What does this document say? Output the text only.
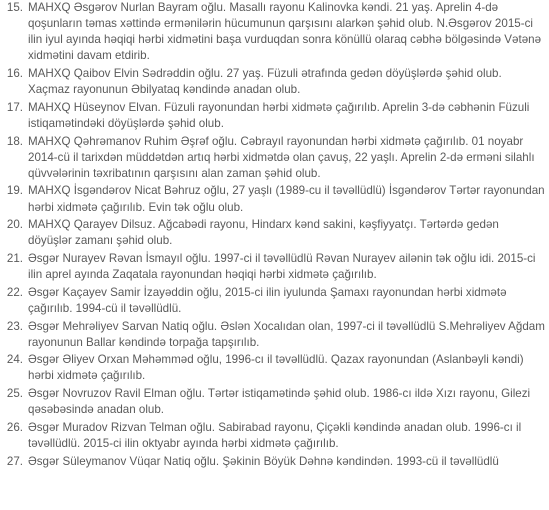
15. MAHXQ Əsgərov Nurlan Bayram oğlu. Masallı rayonu Kalinovka kəndi. 21 yaş. Aprelin 4-də qoşunların təmas xəttində ermənilərin hücumunun qarşısını alarkən şəhid olub. N.Əsgərov 2015-ci ilin iyul ayında həqiqi hərbi xidmətini başa vurduqdan sonra könüllü olaraq cəbhə bölgəsində Vətənə xidmətini davam etdirib.
16. MAHXQ Qaibov Elvin Sədrəddin oğlu. 27 yaş. Füzuli ətrafında gedən döyüşlərdə şəhid olub. Xaçmaz rayonunun Əbilyataq kəndində anadan olub.
17. MAHXQ Hüseynov Elvan. Füzuli rayonundan hərbi xidmətə çağırılıb. Aprelin 3-də cəbhənin Füzuli istiqamətindəki döyüşlərdə şəhid olub.
18. MAHXQ Qəhrəmanov Ruhim Əşrəf oğlu. Cəbrayıl rayonundan hərbi xidmətə çağırılıb. 01 noyabr 2014-cü il tarixdən müddətdən artıq hərbi xidmətdə olan çavuş, 22 yaşlı. Aprelin 2-də erməni silahlı qüvvələrinin təxribatının qarşısını alan zaman şəhid olub.
19. MAHXQ İsgəndərov Nicat Bəhruz oğlu, 27 yaşlı (1989-cu il təvəllüdlü) İsgəndərov Tərtər rayonundan hərbi xidmətə çağırılıb. Evin tək oğlu olub.
20. MAHXQ Qarayev Dilsuz. Ağcabədi rayonu, Hindarx kənd sakini, kəşfiyyatçı. Tərtərdə gedən döyüşlər zamanı şəhid olub.
21. Əsgər Nurayev Rəvan İsmayıl oğlu. 1997-ci il təvəllüdlü Rəvan Nurayev ailənin tək oğlu idi. 2015-ci ilin aprel ayında Zaqatala rayonundan həqiqi hərbi xidmətə çağırılıb.
22. Əsgər Kaçayev Samir İzayəddin oğlu, 2015-ci ilin iyulunda Şamaxı rayonundan hərbi xidmətə çağırılıb. 1994-cü il təvəllüdlü.
23. Əsgər Mehrəliyev Sarvan Natiq oğlu. Əslən Xocalıdan olan, 1997-ci il təvəllüdlü S.Mehrəliyev Ağdam rayonunun Ballar kəndində torpağa tapşırılıb.
24. Əsgər Əliyev Orxan Məhəmməd oğlu, 1996-cı il təvəllüdlü. Qazax rayonundan (Aslanbəyli kəndi) hərbi xidmətə çağırılıb.
25. Əsgər Novruzov Ravil Elman oğlu. Tərtər istiqamətində şəhid olub. 1986-cı ildə Xızı rayonu, Gilezi qəsəbəsində anadan olub.
26. Əsgər Muradov Rizvan Telman oğlu. Sabirabad rayonu, Çiçəkli kəndində anadan olub. 1996-cı il təvəllüdlü. 2015-ci ilin oktyabr ayında hərbi xidmətə çağırılıb.
27. Əsgər Süleymanov Vüqar Natiq oğlu. Şəkinin Böyük Dəhnə kəndindən. 1993-cü il təvəllüdlü
